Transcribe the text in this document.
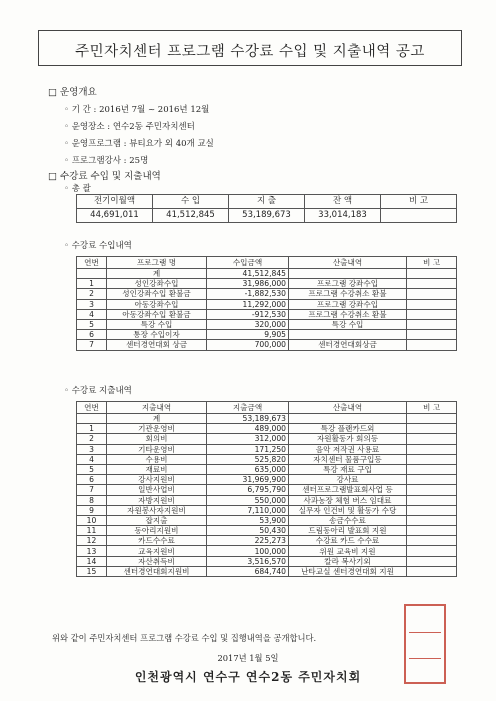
주민자치센터 프로그램 수강료 수입 및 지출내역 공고
□ 운영개요
◦ 기 간 : 2016년 7월 ~ 2016년 12월
◦ 운영장소 : 연수2동 주민자치센터
◦ 운영프로그램 : 뷰티요가 외 40개 교실
◦ 프로그램강사 : 25명
□ 수강료 수입 및 지출내역
◦ 총 괄
전기이월액	수 입	지 출	잔 액	비 고
44,691,011	41,512,845	53,189,673	33,014,183	
◦ 수강료 수입내역
연번	프로그램 명	수입금액	산출내역	비 고
	계	41,512,845		
1	성인강좌수입	31,986,000	프로그램 강좌수입	
2	성인강좌수입 환불금	-1,882,530	프로그램 수강취소 환불	
3	아동강좌수입	11,292,000	프로그램 강좌수입	
4	아동강좌수입 환불금	-912,530	프로그램 수강취소 환불	
5	특강 수입	320,000	특강 수입	
6	통장 수입이자	9,905		
7	센터경연대회 상금	700,000	센터경연대회상금	
◦ 수강료 지출내역
연번	지출내역	지출금액	산출내역	비 고
	계	53,189,673		
1	기관운영비	489,000	특강 플랜카드외	
2	회의비	312,000	자원활동가 회의등	
3	기타운영비	171,250	음악 저작권 사용료	
4	수용비	525,820	자치센터 물품구입등	
5	재료비	635,000	특강 재료 구입	
6	강사지원비	31,969,900	강사료	
7	일반사업비	6,795,790	센터프로그램발표회사업 등	
8	자방지원비	550,000	사과농장 체험 버스 임대료	
9	자원봉사자지원비	7,110,000	실무자 인건비 및 활동가 수당	
10	잡지출	53,900	송금수수료	
11	동아리지원비	50,430	드림동아리 발표회 지원	
12	카드수수료	225,273	수강료 카드 수수료	
13	교육지원비	100,000	위원 교육비 지원	
14	자산취득비	3,516,570	칼라 복사기외	
15	센터경연대회지원비	684,740	난타교실 센터경연대회 지원	
위와 같이 주민자치센터 프로그램 수강료 수입 및 집행내역을 공개합니다.
2017년 1월 5일
인천광역시 연수구 연수2동 주민자치회
